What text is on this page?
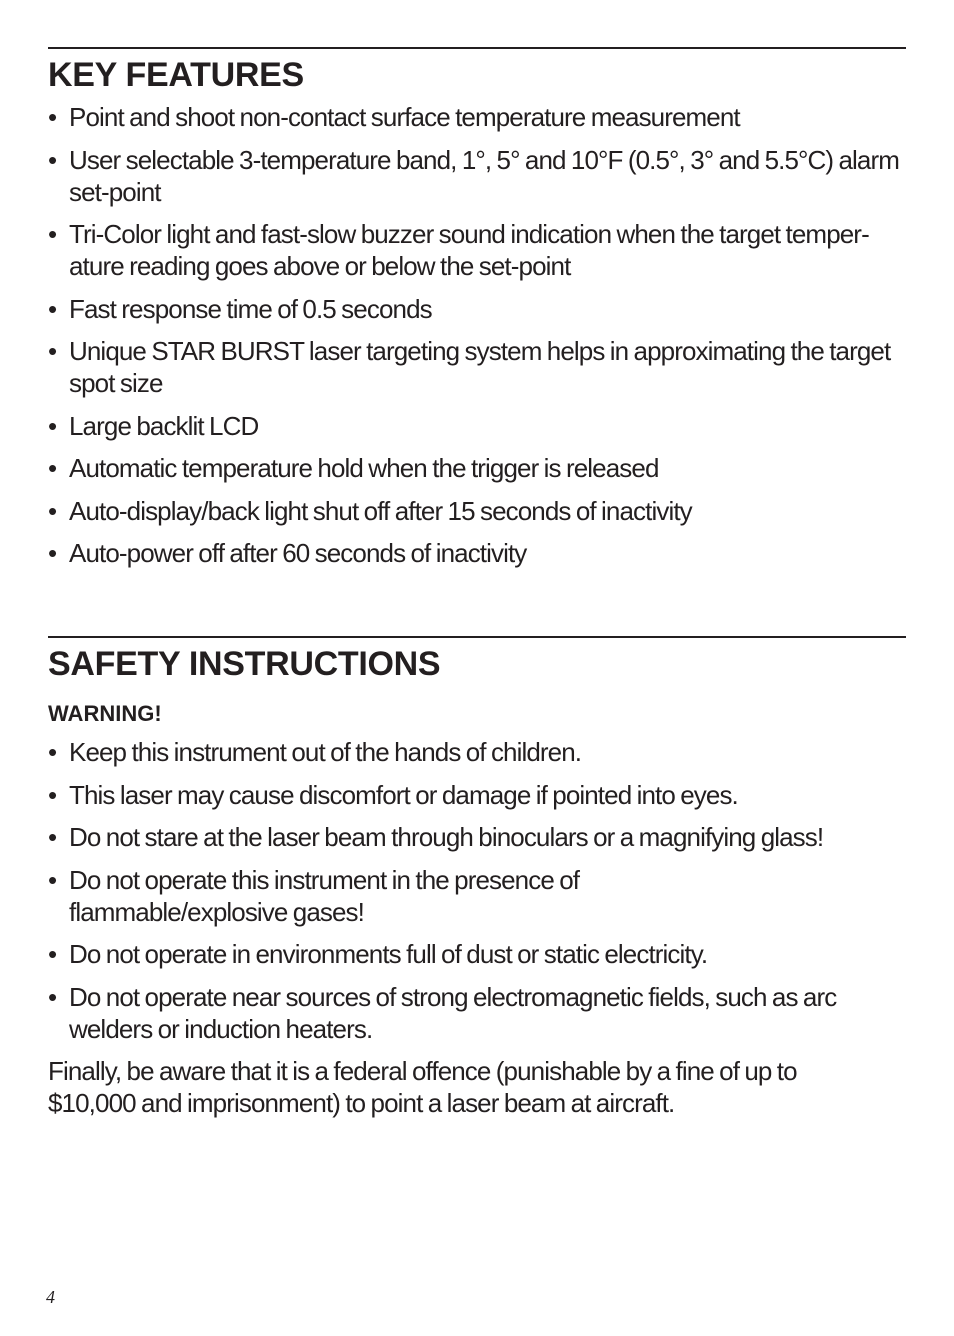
KEY FEATURES
• Point and shoot non-contact surface temperature measurement
• User selectable 3-temperature band, 1°, 5° and 10°F (0.5°, 3° and 5.5°C) alarm set-point
• Tri-Color light and fast-slow buzzer sound indication when the target temper-ature reading goes above or below the set-point
• Fast response time of 0.5 seconds
• Unique STAR BURST laser targeting system helps in approximating the target spot size
• Large backlit LCD
• Automatic temperature hold when the trigger is released
• Auto-display/back light shut off after 15 seconds of inactivity
• Auto-power off after 60 seconds of inactivity
SAFETY INSTRUCTIONS

WARNING!

• Keep this instrument out of the hands of children.
• This laser may cause discomfort or damage if pointed into eyes.
• Do not stare at the laser beam through binoculars or a magnifying glass!
• Do not operate this instrument in the presence of flammable/explosive gases!
• Do not operate in environments full of dust or static electricity.
• Do not operate near sources of strong electromagnetic fields, such as arc welders or induction heaters.

Finally, be aware that it is a federal offence (punishable by a fine of up to $10,000 and imprisonment) to point a laser beam at aircraft.

4
